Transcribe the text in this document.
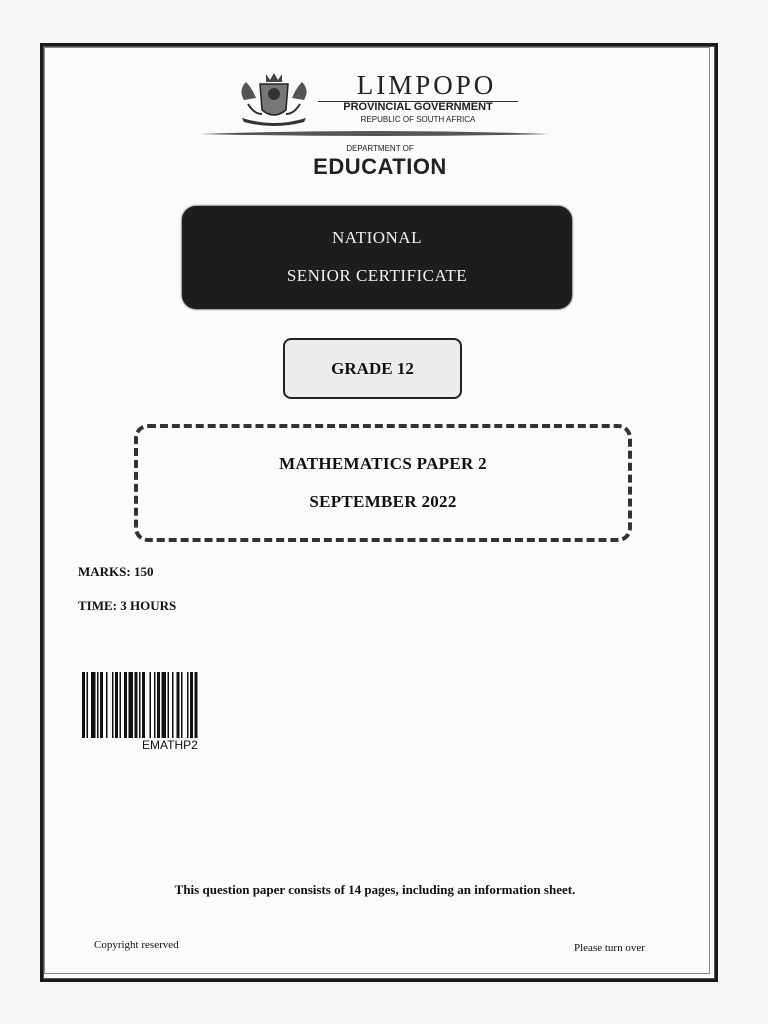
LIMPOPO
PROVINCIAL GOVERNMENT
REPUBLIC OF SOUTH AFRICA
DEPARTMENT OF
EDUCATION
NATIONAL
SENIOR CERTIFICATE
GRADE 12
MATHEMATICS PAPER 2
SEPTEMBER 2022
MARKS: 150
TIME: 3 HOURS
EMATHP2
This question paper consists of 14 pages, including an information sheet.
Copyright reserved	Please turn over
